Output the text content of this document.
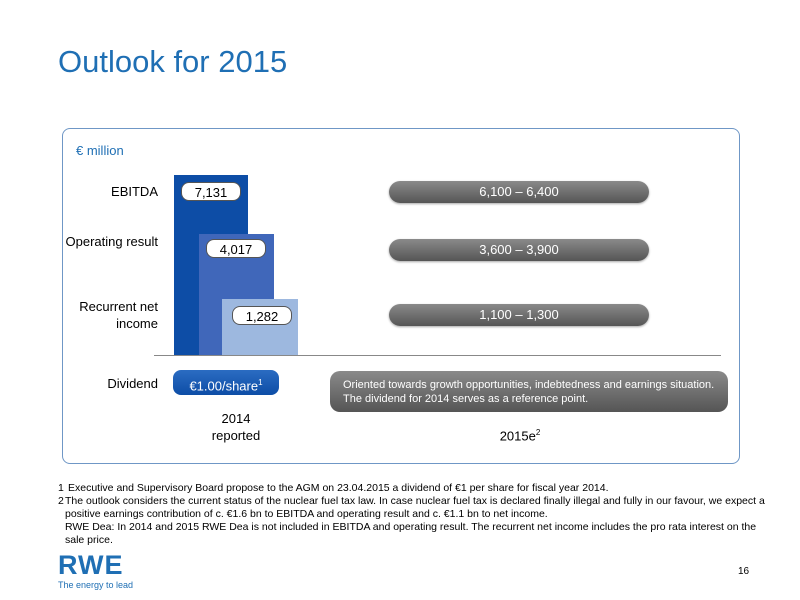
Outlook for 2015
€ million
EBITDA
Operating result
Recurrent net income
Dividend
7,131
4,017
1,282
6,100 – 6,400
3,600 – 3,900
1,100 – 1,300
€1.00/share$^1$	Oriented towards growth opportunities, indebtedness and earnings situation. The dividend for 2014 serves as a reference point.
2014
reported	$2015e^2$
1 Executive and Supervisory Board propose to the AGM on 23.04.2015 a dividend of €1 per share for fiscal year 2014.
2 The outlook considers the current status of the nuclear fuel tax law. In case nuclear fuel tax is declared finally illegal and fully in our favour, we expect a positive earnings contribution of c. €1.6 bn to EBITDA and operating result and c. €1.1 bn to net income.
RWE Dea: In 2014 and 2015 RWE Dea is not included in EBITDA and operating result. The recurrent net income includes the pro rata interest on the sale price.
RWE
The energy to lead
16
